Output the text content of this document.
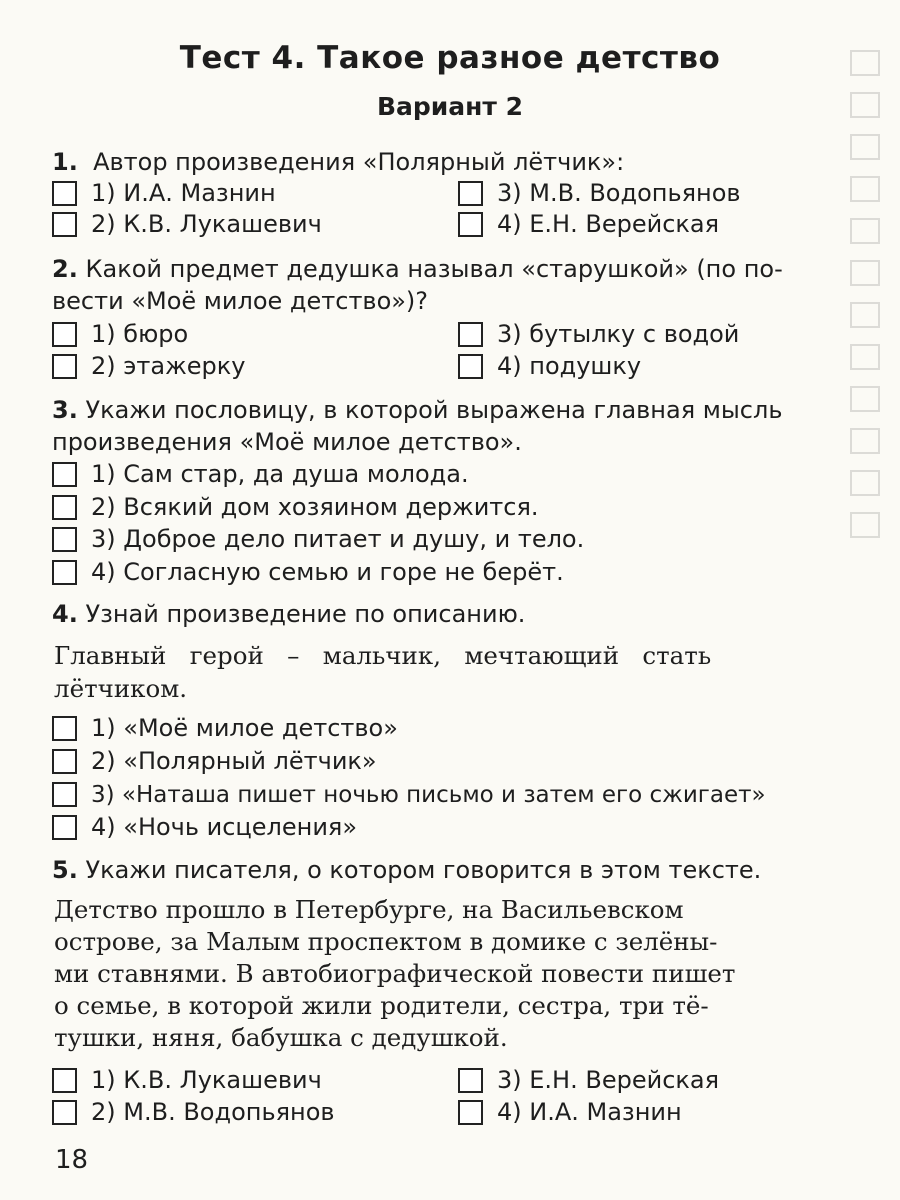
Тест 4. Такое разное детство
Вариант 2
1. Автор произведения «Полярный лётчик»:
1) И.А. Мазнин
2) К.В. Лукашевич
3) М.В. Водопьянов
4) Е.Н. Верейская
2. Какой предмет дедушка называл «старушкой» (по по-
вести «Моё милое детство»)?
1) бюро
2) этажерку
3) бутылку с водой
4) подушку
3. Укажи пословицу, в которой выражена главная мысль
произведения «Моё милое детство».
1) Сам стар, да душа молода.
2) Всякий дом хозяином держится.
3) Доброе дело питает и душу, и тело.
4) Согласную семью и горе не берёт.
4. Узнай произведение по описанию.
Главный   герой   –   мальчик,   мечтающий   стать
лётчиком.
1) «Моё милое детство»
2) «Полярный лётчик»
3) «Наташа пишет ночью письмо и затем его сжигает»
4) «Ночь исцеления»
5. Укажи писателя, о котором говорится в этом тексте.
Детство прошло в Петербурге, на Васильевском
острове, за Малым проспектом в домике с зелёны-
ми ставнями. В автобиографической повести пишет
о семье, в которой жили родители, сестра, три тё-
тушки, няня, бабушка с дедушкой.
1) К.В. Лукашевич
2) М.В. Водопьянов
3) Е.Н. Верейская
4) И.А. Мазнин
18
